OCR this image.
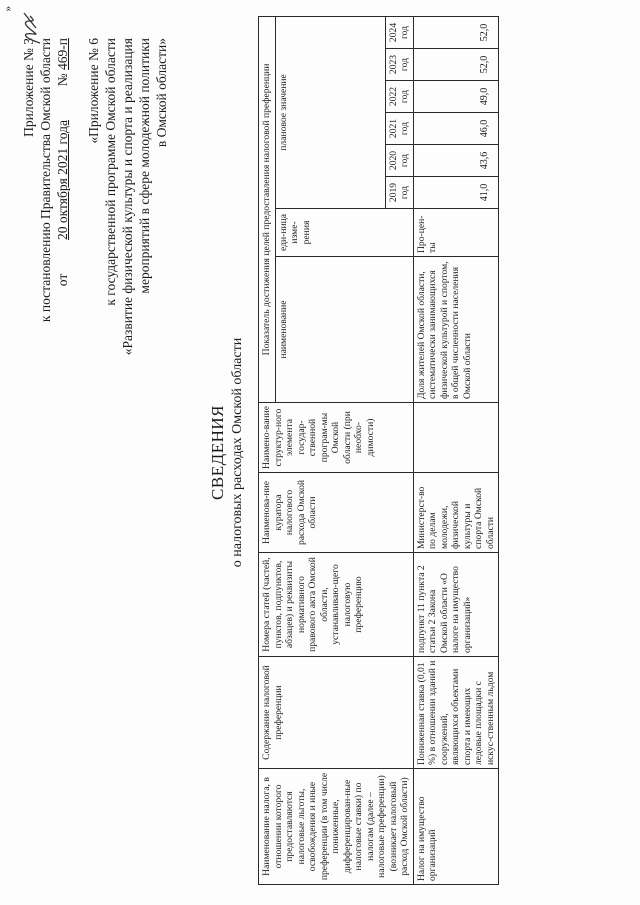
Приложение № 3 к постановлению Правительства Омской области от          20 октября 2021 года          № 469-п «Приложение № 6 к государственной программе Омской области «Развитие физической культуры и спорта и реализация мероприятий в сфере молодежной политики в Омской области»
»
СВЕДЕНИЯ о налоговых расходах Омской области
Наименование налога, в отношении которого предоставляются налоговые льготы, освобождения и иные преференции (в том числе пониженные, дифференцирован-ные налоговые ставки) по налогам (далее – налоговые преференции) (возникает налоговый расход Омской области)	Содержание налоговой преференции	Номера статей (частей, пунктов, подпунктов, абзацев) и реквизиты нормативного правового акта Омской области, устанавливаю-щего налоговую преференцию	Наименова-ние куратора налогового расхода Омской области	Наимено-вание структур-ного элемента государ-ственной програм-мы Омской области (при необхо-димости)	Показатель достижения целей предоставления налоговой преференции							
					наименование	еди-ница изме-рения	плановое значение					
							2019 год	2020 год	2021 год	2022 год	2023 год	2024 год
Налог на имущество организаций	Пониженная ставка (0,01 %) в отношении зданий и сооружений, являющихся объектами спорта и имеющих ледовые площадки с искус-ственным льдом	подпункт 11 пункта 2 статьи 2 Закона Омской области «О налоге на имущество организаций»	Министерст-во по делам молодежи, физической культуры и спорта Омской области		Доля жителей Омской области, систематически занимающихся физической культурой и спортом, в общей численности населения Омской области	Про-цен-ты	41,0	43,6	46,0	49,0	52,0	52,0
